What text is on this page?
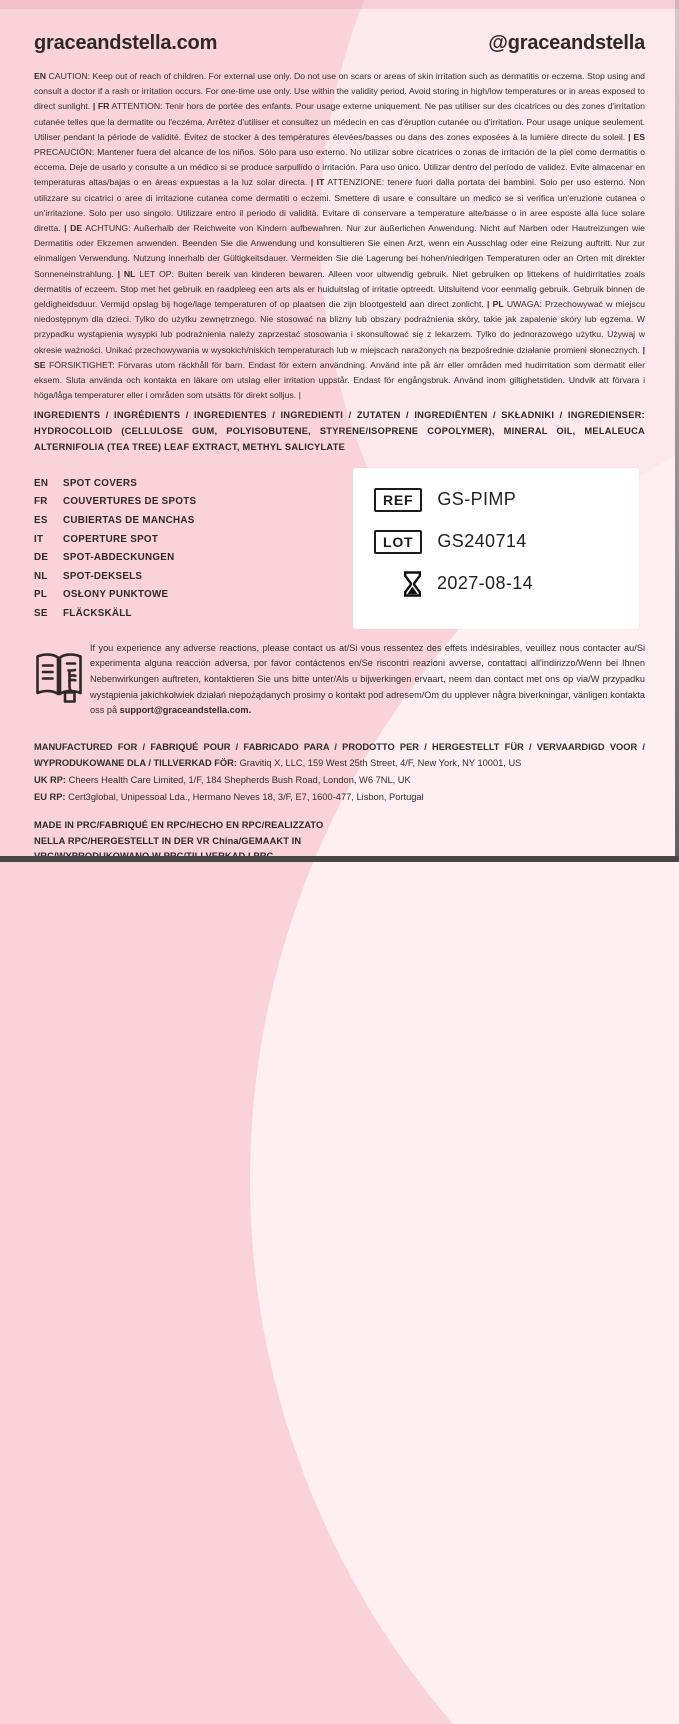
graceandstella.com	@graceandstella

EN CAUTION: Keep out of reach of children. For external use only. Do not use on scars or areas of skin irritation such as dermatitis or eczema. Stop using and consult a doctor if a rash or irritation occurs. For one-time use only. Use within the validity period. Avoid storing in high/low temperatures or in areas exposed to direct sunlight. | FR ATTENTION: Tenir hors de portée des enfants. Pour usage externe uniquement. Ne pas utiliser sur des cicatrices ou des zones d'irritation cutanée telles que la dermatite ou l'eczéma. Arrêtez d'utiliser et consultez un médecin en cas d'éruption cutanée ou d'irritation. Pour usage unique seulement. Utiliser pendant la période de validité. Évitez de stocker à des températures élevées/basses ou dans des zones exposées à la lumière directe du soleil. | ES PRECAUCIÓN: Mantener fuera del alcance de los niños. Sólo para uso externo. No utilizar sobre cicatrices o zonas de irritación de la piel como dermatitis o eccema. Deje de usarlo y consulte a un médico si se produce sarpullido o irritación. Para uso único. Utilizar dentro del período de validez. Evite almacenar en temperaturas altas/bajas o en áreas expuestas a la luz solar directa. | IT ATTENZIONE: tenere fuori dalla portata dei bambini. Solo per uso esterno. Non utilizzare su cicatrici o aree di irritazione cutanea come dermatiti o eczemi. Smettere di usare e consultare un medico se si verifica un'eruzione cutanea o un'irritazione. Solo per uso singolo. Utilizzare entro il periodo di validità. Evitare di conservare a temperature alte/basse o in aree esposte alla luce solare diretta. | DE ACHTUNG: Außerhalb der Reichweite von Kindern aufbewahren. Nur zur äußerlichen Anwendung. Nicht auf Narben oder Hautreizungen wie Dermatitis oder Ekzemen anwenden. Beenden Sie die Anwendung und konsultieren Sie einen Arzt, wenn ein Ausschlag oder eine Reizung auftritt. Nur zur einmaligen Verwendung. Nutzung innerhalb der Gültigkeitsdauer. Vermeiden Sie die Lagerung bei hohen/niedrigen Temperaturen oder an Orten mit direkter Sonneneinstrahlung. | NL LET OP: Buiten bereik van kinderen bewaren. Alleen voor uitwendig gebruik. Niet gebruiken op littekens of huidirritaties zoals dermatitis of eczeem. Stop met het gebruik en raadpleeg een arts als er huiduitslag of irritatie optreedt. Uitsluitend voor eenmalig gebruik. Gebruik binnen de geldigheidsduur. Vermijd opslag bij hoge/lage temperaturen of op plaatsen die zijn blootgesteld aan direct zonlicht. | PL UWAGA: Przechowywać w miejscu niedostępnym dla dzieci. Tylko do użytku zewnętrznego. Nie stosować na blizny lub obszary podrażnienia skóry, takie jak zapalenie skóry lub egzema. W przypadku wystąpienia wysypki lub podrażnienia należy zaprzestać stosowania i skonsultować się z lekarzem. Tylko do jednorazowego użytku. Używaj w okresie ważności. Unikać przechowywania w wysokich/niskich temperaturach lub w miejscach narażonych na bezpośrednie działanie promieni słonecznych. | SE FÖRSIKTIGHET: Förvaras utom räckhåll för barn. Endast för extern användning. Använd inte på ärr eller områden med hudirritation som dermatit eller eksem. Sluta använda och kontakta en läkare om utslag eller irritation uppstår. Endast för engångsbruk. Använd inom giltighetstiden. Undvik att förvara i höga/låga temperaturer eller i områden som utsätts för direkt solljus. |

INGREDIENTS / INGRÉDIENTS / INGREDIENTES / INGREDIENTI / ZUTATEN / INGREDIËNTEN / SKŁADNIKI / INGREDIENSER: HYDROCOLLOID (CELLULOSE GUM, POLYISOBUTENE, STYRENE/ISOPRENE COPOLYMER), MINERAL OIL, MELALEUCA ALTERNIFOLIA (TEA TREE) LEAF EXTRACT, METHYL SALICYLATE

EN	SPOT COVERS
FR	COUVERTURES DE SPOTS
ES	CUBIERTAS DE MANCHAS
IT	COPERTURE SPOT
DE	SPOT-ABDECKUNGEN
NL	SPOT-DEKSELS
PL	OSŁONY PUNKTOWE
SE	FLÄCKSKÄLL
REF	GS-PIMP
LOT	GS240714
2027-08-14

If you experience any adverse reactions, please contact us at/Si vous ressentez des effets indésirables, veuillez nous contacter au/Si experimenta alguna reacción adversa, por favor contáctenos en/Se riscontri reazioni avverse, contattaci all'indirizzo/Wenn bei Ihnen Nebenwirkungen auftreten, kontaktieren Sie uns bitte unter/Als u bijwerkingen ervaart, neem dan contact met ons op via/W przypadku wystąpienia jakichkolwiek działań niepożądanych prosimy o kontakt pod adresem/Om du upplever några biverkningar, vänligen kontakta oss på support@graceandstella.com.

MANUFACTURED FOR / FABRIQUÉ POUR / FABRICADO PARA / PRODOTTO PER / HERGESTELLT FÜR / VERVAARDIGD VOOR / WYPRODUKOWANE DLA / TILLVERKAD FÖR: Gravitiq X, LLC, 159 West 25th Street, 4/F, New York, NY 10001, US
UK RP: Cheers Health Care Limited, 1/F, 184 Shepherds Bush Road, London, W6 7NL, UK
EU RP: Cert3global, Unipessoal Lda., Hermano Neves 18, 3/F, E7, 1600-477, Lisbon, Portugal
MADE IN PRC/FABRIQUÉ EN RPC/HECHO EN RPC/REALIZZATO
NELLA RPC/HERGESTELLT IN DER VR China/GEMAAKT IN
